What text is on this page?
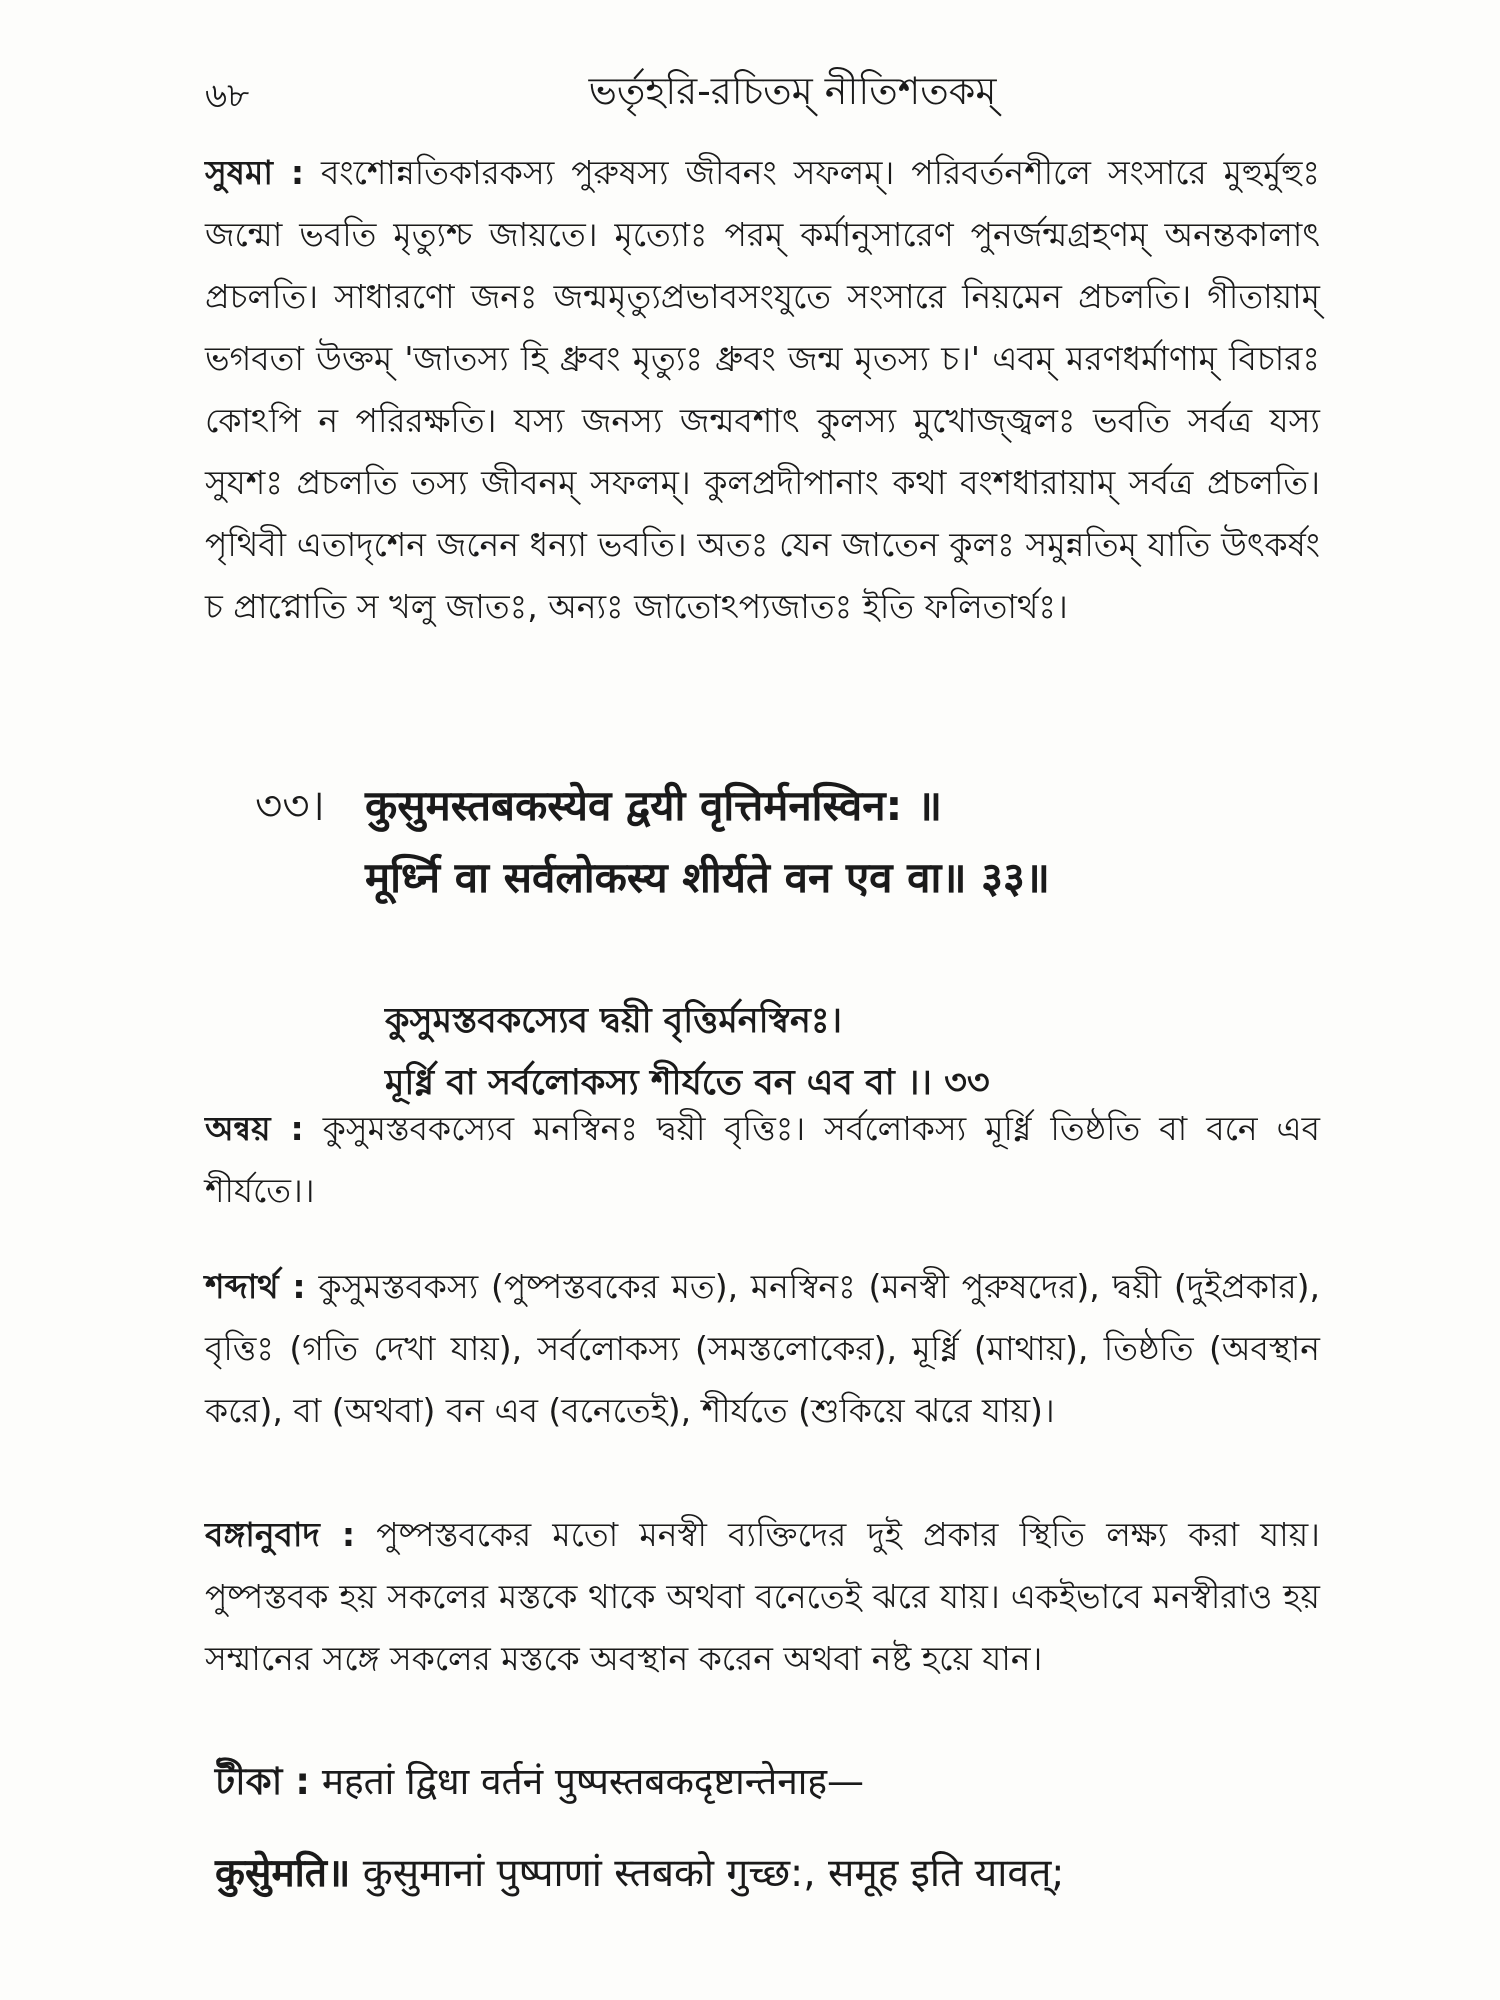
৬৮	ভর্তৃহরি-রচিতম্ নীতিশতকম্

সুষমা : বংশোন্নতিকারকস্য পুরুষস্য জীবনং সফলম্। পরিবর্তনশীলে সংসারে মুহুর্মুহুঃ জন্মো ভবতি মৃত্যুশ্চ জায়তে। মৃত্যোঃ পরম্ কর্মানুসারেণ পুনর্জন্মগ্রহণম্ অনন্তকালাৎ প্রচলতি। সাধারণো জনঃ জন্মমৃত্যুপ্রভাবসংযুতে সংসারে নিয়মেন প্রচলতি। গীতায়াম্ ভগবতা উক্তম্ 'জাতস্য হি ধ্রুবং মৃত্যুঃ ধ্রুবং জন্ম মৃতস্য চ।' এবম্ মরণধর্মাণাম্ বিচারঃ কোঽপি ন পরিরক্ষতি। যস্য জনস্য জন্মবশাৎ কুলস্য মুখোজ্জ্বলঃ ভবতি সর্বত্র যস্য সুযশঃ প্রচলতি তস্য জীবনম্ সফলম্। কুলপ্রদীপানাং কথা বংশধারায়াম্ সর্বত্র প্রচলতি। পৃথিবী এতাদৃশেন জনেন ধন্যা ভবতি। অতঃ যেন জাতেন কুলঃ সমুন্নতিম্ যাতি উৎকর্ষং চ প্রাপ্নোতি স খলু জাতঃ, অন্যঃ জাতোঽপ্যজাতঃ ইতি ফলিতার্থঃ।

৩৩। कुसुमस्तबकस्येव द्वयी वृत्तिर्मनस्विन: ॥
मूर्ध्नि वा सर्वलोकस्य शीर्यते वन एव वा॥ ३३॥
কুসুমস্তবকস্যেব দ্বয়ী বৃত্তির্মনস্বিনঃ।
মূর্ধ্নি বা সর্বলোকস্য শীর্যতে বন এব বা ।। ৩৩

অন্বয় : কুসুমস্তবকস্যেব মনস্বিনঃ দ্বয়ী বৃত্তিঃ। সর্বলোকস্য মূর্ধ্নি তিষ্ঠতি বা বনে এব শীর্যতে।।

শব্দার্থ : কুসুমস্তবকস্য (পুষ্পস্তবকের মত), মনস্বিনঃ (মনস্বী পুরুষদের), দ্বয়ী (দুইপ্রকার), বৃত্তিঃ (গতি দেখা যায়), সর্বলোকস্য (সমস্তলোকের), মূর্ধ্নি (মাথায়), তিষ্ঠতি (অবস্থান করে), বা (অথবা) বন এব (বনেতেই), শীর্যতে (শুকিয়ে ঝরে যায়)।

বঙ্গানুবাদ : পুষ্পস্তবকের মতো মনস্বী ব্যক্তিদের দুই প্রকার স্থিতি লক্ষ্য করা যায়। পুষ্পস্তবক হয় সকলের মস্তকে থাকে অথবা বনেতেই ঝরে যায়। একইভাবে মনস্বীরাও হয় সম্মানের সঙ্গে সকলের মস্তকে অবস্থান করেন অথবা নষ্ট হয়ে যান।

টীকা : महतां द्विधा वर्तनं पुष्पस्तबकदृष्टान्तेनाह—
कुसुेमति॥ कुसुमानां पुष्पाणां स्तबको गुच्छ:, समूह इति यावत्;
